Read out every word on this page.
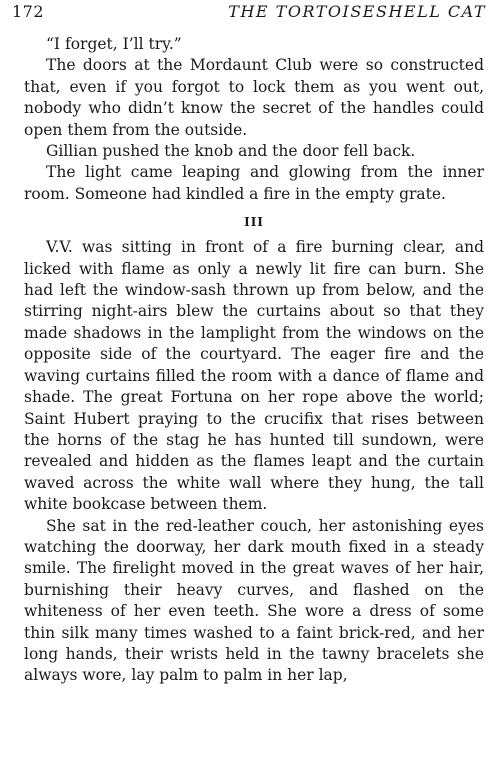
172	THE TORTOISESHELL CAT

“I forget, I’ll try.”

The doors at the Mordaunt Club were so constructed that, even if you forgot to lock them as you went out, nobody who didn’t know the secret of the handles could open them from the outside.

Gillian pushed the knob and the door fell back.

The light came leaping and glowing from the inner room. Someone had kindled a fire in the empty grate.

III

V.V. was sitting in front of a fire burning clear, and licked with flame as only a newly lit fire can burn. She had left the window-sash thrown up from below, and the stirring night-airs blew the curtains about so that they made shadows in the lamplight from the windows on the opposite side of the courtyard. The eager fire and the waving curtains filled the room with a dance of flame and shade. The great Fortuna on her rope above the world; Saint Hubert praying to the crucifix that rises between the horns of the stag he has hunted till sundown, were revealed and hidden as the flames leapt and the curtain waved across the white wall where they hung, the tall white bookcase between them.

She sat in the red-leather couch, her astonishing eyes watching the doorway, her dark mouth fixed in a steady smile. The firelight moved in the great waves of her hair, burnishing their heavy curves, and flashed on the whiteness of her even teeth. She wore a dress of some thin silk many times washed to a faint brick-red, and her long hands, their wrists held in the tawny bracelets she always wore, lay palm to palm in her lap,
